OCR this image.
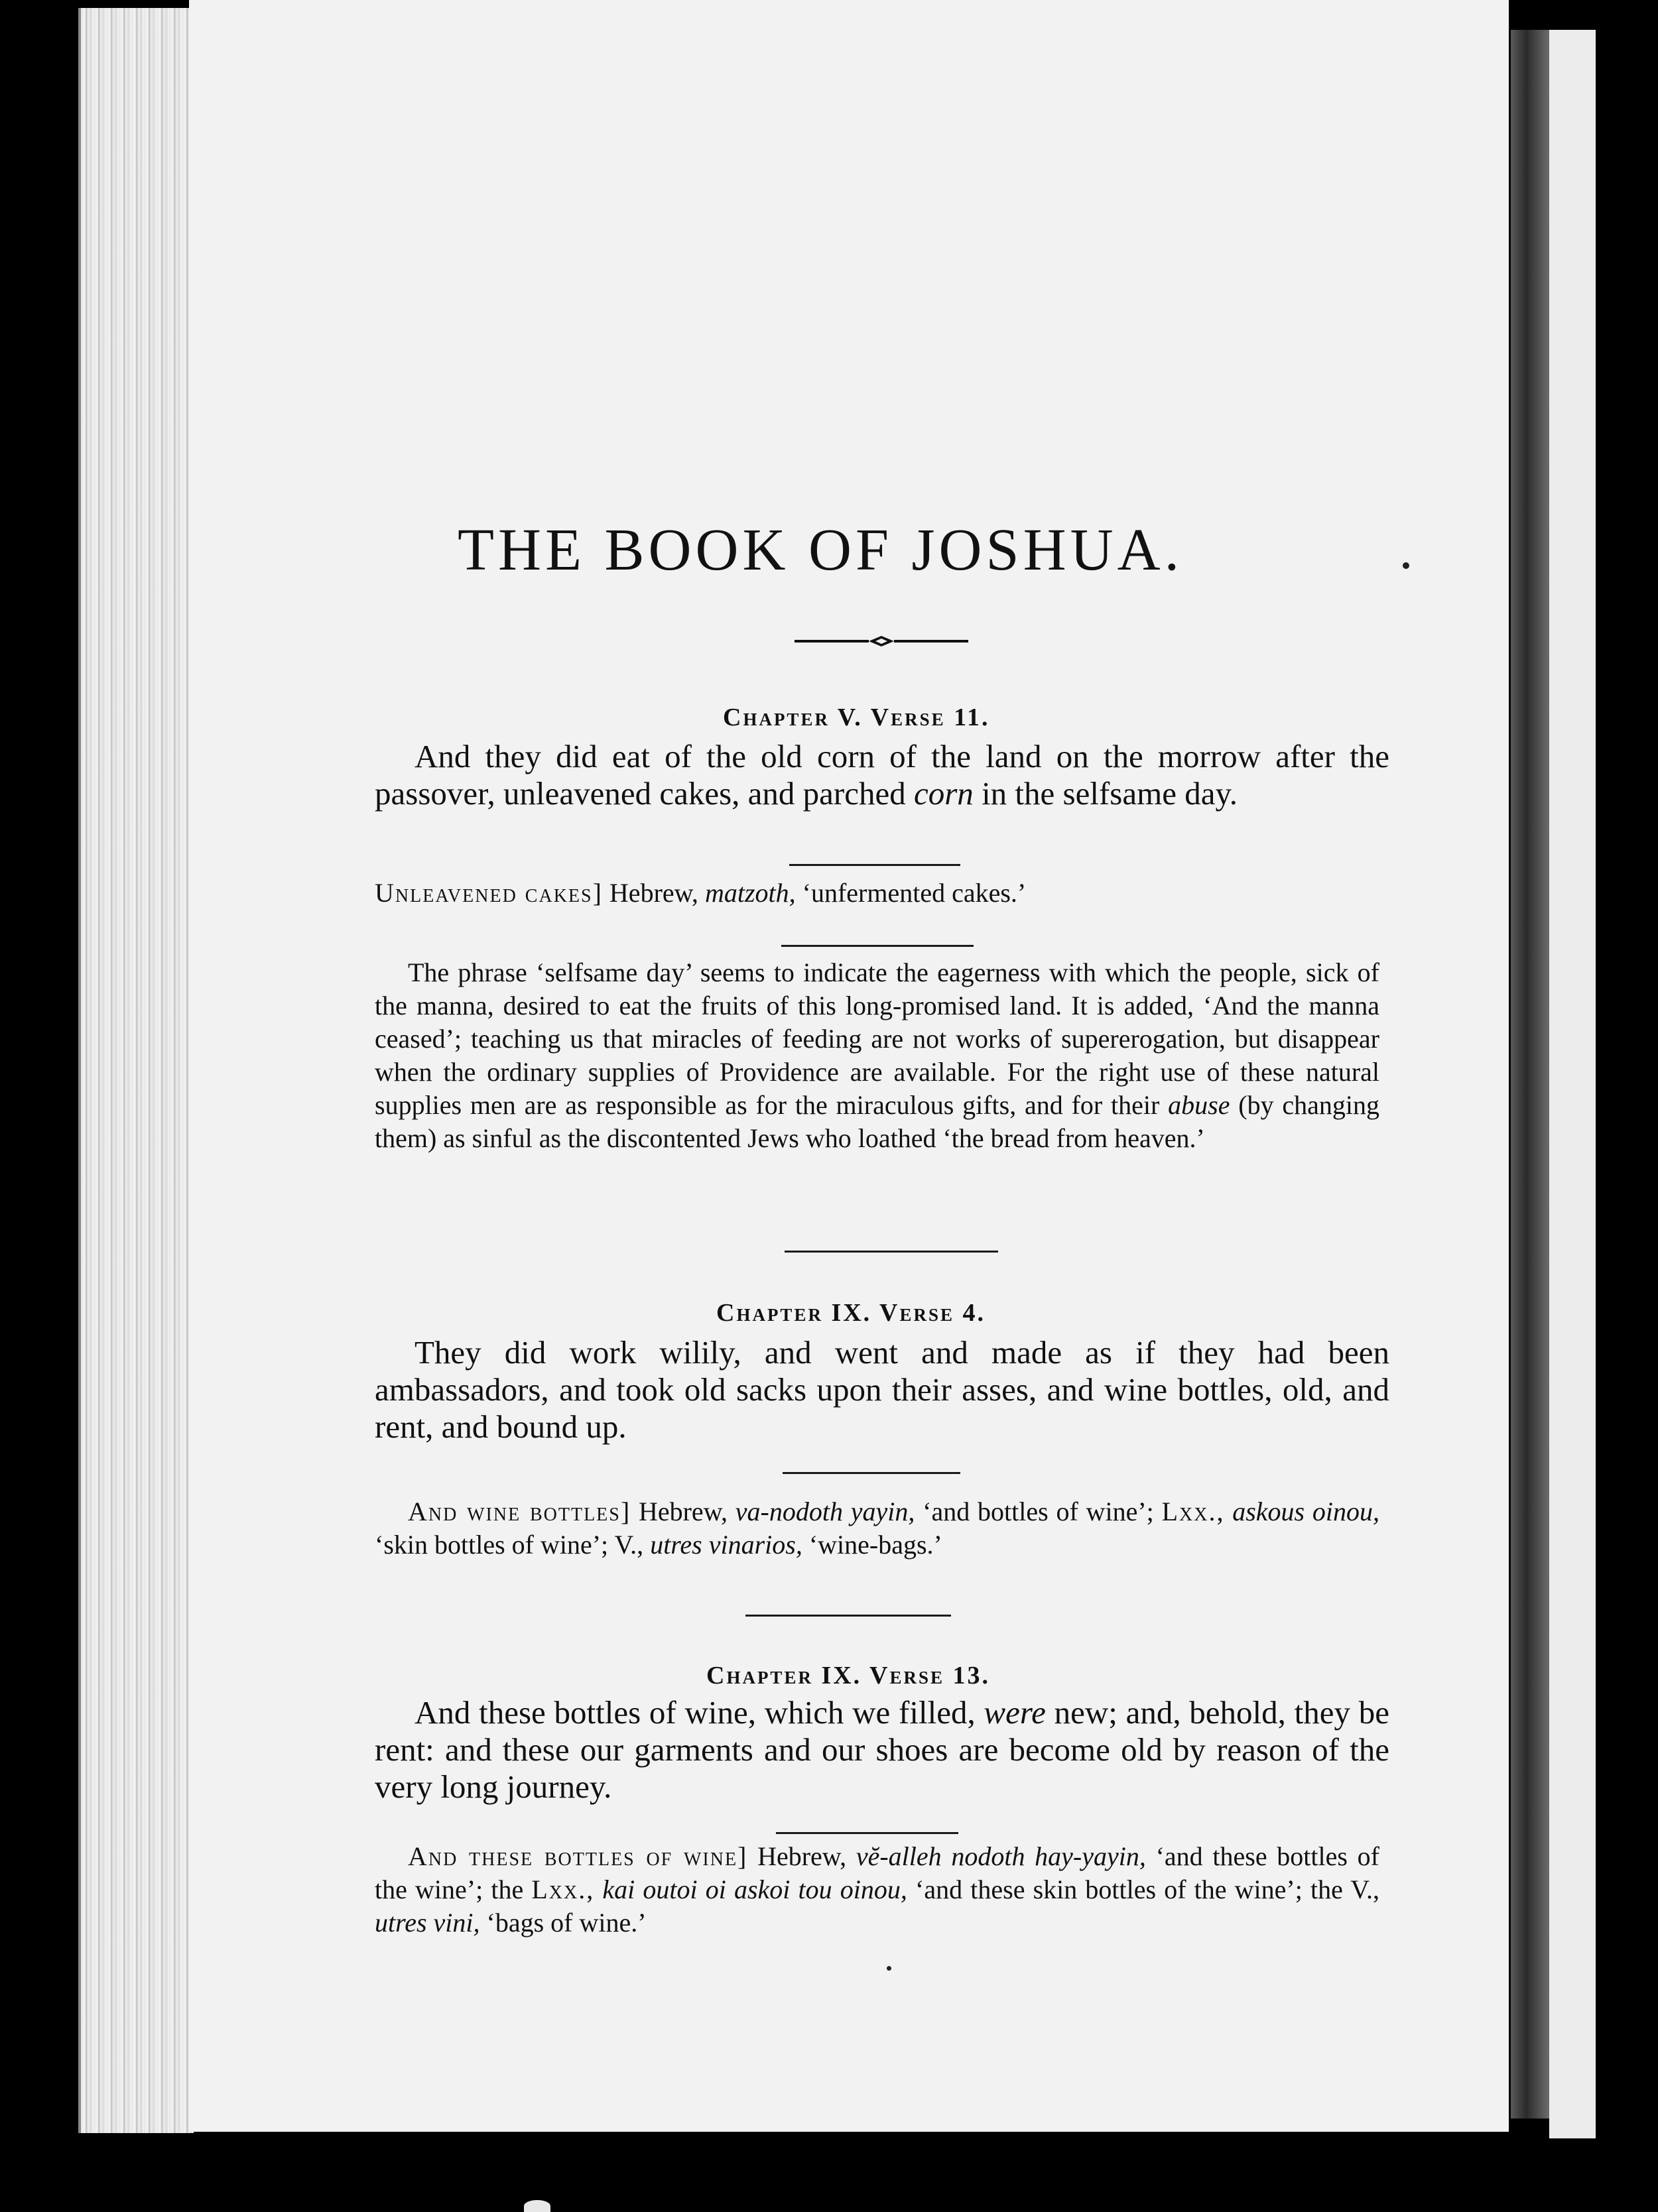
THE BOOK OF JOSHUA.
Chapter V. Verse 11.

And they did eat of the old corn of the land on the morrow after the passover, unleavened cakes, and parched corn in the selfsame day.

Unleavened cakes] Hebrew, matzoth, ‘unfermented cakes.’

The phrase ‘selfsame day’ seems to indicate the eagerness with which the people, sick of the manna, desired to eat the fruits of this long-promised land. It is added, ‘And the manna ceased’; teaching us that miracles of feeding are not works of supererogation, but disappear when the ordinary supplies of Providence are available. For the right use of these natural supplies men are as responsible as for the miraculous gifts, and for their abuse (by changing them) as sinful as the discontented Jews who loathed ‘the bread from heaven.’

Chapter IX. Verse 4.

They did work wilily, and went and made as if they had been ambassadors, and took old sacks upon their asses, and wine bottles, old, and rent, and bound up.

And wine bottles] Hebrew, va-nodoth yayin, ‘and bottles of wine’; Lxx., askous oinou, ‘skin bottles of wine’; V., utres vinarios, ‘wine-bags.’

Chapter IX. Verse 13.

And these bottles of wine, which we filled, were new; and, behold, they be rent: and these our garments and our shoes are become old by reason of the very long journey.

And these bottles of wine] Hebrew, vĕ-alleh nodoth hay-yayin, ‘and these bottles of the wine’; the Lxx., kai outoi oi askoi tou oinou, ‘and these skin bottles of the wine’; the V., utres vini, ‘bags of wine.’
